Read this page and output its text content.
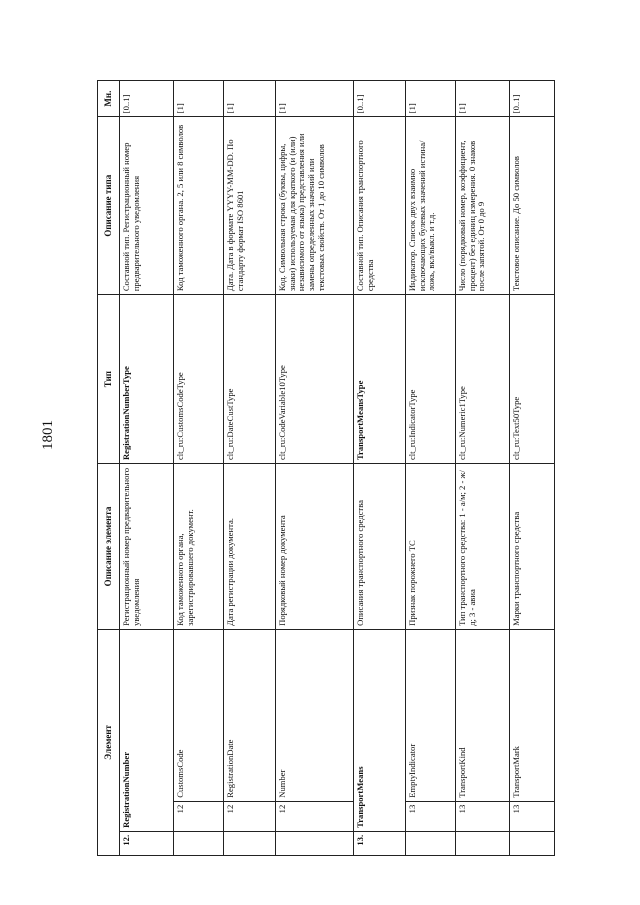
1801
Элемент			Описание элемента	Тип	Описание типа	Мн.
12.	RegistrationNumber		Регистрационный номер предварительного уведомления	RegistrationNumberType	Составной тип. Регистрационный номер предварительного уведомления	[0..1]
	12	CustomsCode	Код таможенного органа, зарегистрировавшего документ.	clt_ru:CustomsCodeType	Код таможенного органа. 2, 5 или 8 символов	[1]
	12	RegistrationDate	Дата регистрации документа.	clt_ru:DateCustType	Дата. Дата в формате YYYY-MM-DD. По стандарту формат ISO 8601	[1]
	12	Number	Порядковый номер документа	clt_ru:CodeVariable10Type	Код. Символьная строка (буквы, цифры, знаки) используемая для краткого (и (или) независимого от языка) представления или замены определенных значений или текстовых свойств. От 1 до 10 символов	[1]
13.	TransportMeans		Описания транспортного средства	TransportMeansType	Составной тип. Описания транспортного средства	[0..1]
	13	EmptyIndicator	Признак порожнего ТС	clt_ru:IndicatorType	Индикатор. Список двух взаимно исключающих булевых значений истина/ложь, вкл/выкл. и т.д.	[1]
	13	TransportKind	Тип транспортного средства: 1 - а/м; 2 - ж/д; 3 - авиа	clt_ru:Numeric1Type	Число (порядковый номер, коэффициент, процент) без единиц измерения. 0 знаков после запятой. От 0 до 9	[1]
	13	TransportMark	Марки транспортного средства	clt_ru:Text50Type	Текстовое описание. До 50 символов	[0..1]
